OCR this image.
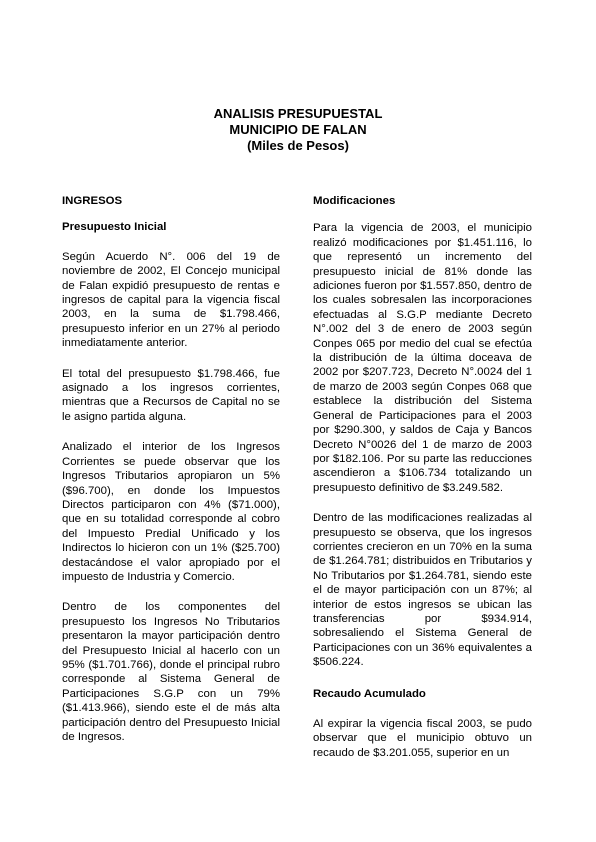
ANALISIS PRESUPUESTAL
MUNICIPIO DE FALAN
(Miles de Pesos)
INGRESOS
Presupuesto Inicial

Según Acuerdo N°. 006 del 19 de noviembre de 2002, El Concejo municipal de Falan expidió presupuesto de rentas e ingresos de capital para la vigencia fiscal 2003, en la suma de $1.798.466, presupuesto inferior en un 27% al periodo inmediatamente anterior.

El total del presupuesto $1.798.466, fue asignado a los ingresos corrientes, mientras que a Recursos de Capital no se le asigno partida alguna.

Analizado el interior de los Ingresos Corrientes se puede observar que los Ingresos Tributarios apropiaron un 5% ($96.700), en donde los Impuestos Directos participaron con 4% ($71.000), que en su totalidad corresponde al cobro del Impuesto Predial Unificado y los Indirectos lo hicieron con un 1% ($25.700) destacándose el valor apropiado por el impuesto de Industria y Comercio.

Dentro de los componentes del presupuesto los Ingresos No Tributarios presentaron la mayor participación dentro del Presupuesto Inicial al hacerlo con un 95% ($1.701.766), donde el principal rubro corresponde al Sistema General de Participaciones S.G.P con un 79%($1.413.966), siendo este el de más alta participación dentro del Presupuesto Inicial de Ingresos.

Modificaciones

Para la vigencia de 2003, el municipio realizó modificaciones por $1.451.116, lo que representó un incremento del presupuesto inicial de 81% donde las adiciones fueron por $1.557.850, dentro de los cuales sobresalen las incorporaciones efectuadas al S.G.P mediante Decreto N°.002 del 3 de enero de 2003 según Conpes 065 por medio del cual se efectúa la distribución de la última doceava de 2002 por $207.723, Decreto N°.0024 del 1 de marzo de 2003 según Conpes 068 que establece la distribución del Sistema General de Participaciones para el 2003 por $290.300, y saldos de Caja y Bancos Decreto N°0026 del 1 de marzo de 2003 por $182.106. Por su parte las reducciones ascendieron a $106.734 totalizando un presupuesto definitivo de $3.249.582.

Dentro de las modificaciones realizadas al presupuesto se observa, que los ingresos corrientes crecieron en un 70% en la suma de $1.264.781; distribuidos en Tributarios y No Tributarios por $1.264.781, siendo este el de mayor participación con un 87%; al interior de estos ingresos se ubican las transferencias por $934.914, sobresaliendo el Sistema General de Participaciones con un 36% equivalentes a $506.224.

Recaudo Acumulado

Al expirar la vigencia fiscal 2003, se pudo observar que el municipio obtuvo un recaudo de $3.201.055, superior en un
